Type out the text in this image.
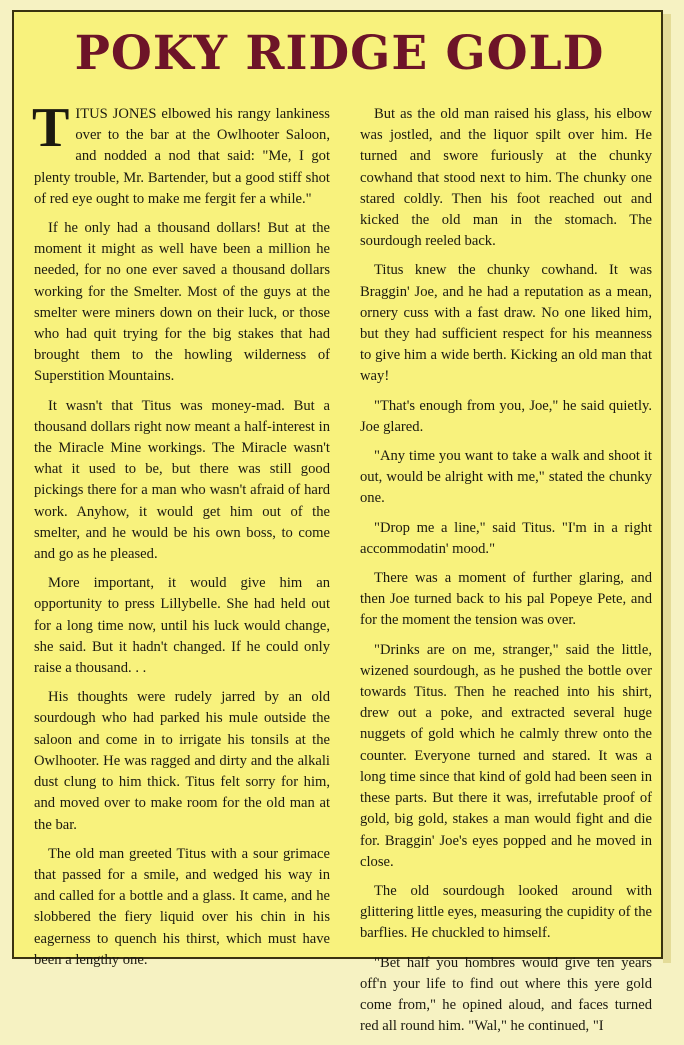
POKY RIDGE GOLD

TITUS JONES elbowed his rangy lankiness over to the bar at the Owlhooter Saloon, and nodded a nod that said: "Me, I got plenty trouble, Mr. Bartender, but a good stiff shot of red eye ought to make me fergit fer a while."

If he only had a thousand dollars! But at the moment it might as well have been a million he needed, for no one ever saved a thousand dollars working for the Smelter. Most of the guys at the smelter were miners down on their luck, or those who had quit trying for the big stakes that had brought them to the howling wilderness of Superstition Mountains.

It wasn't that Titus was money-mad. But a thousand dollars right now meant a half-interest in the Miracle Mine workings. The Miracle wasn't what it used to be, but there was still good pickings there for a man who wasn't afraid of hard work. Anyhow, it would get him out of the smelter, and he would be his own boss, to come and go as he pleased.

More important, it would give him an opportunity to press Lillybelle. She had held out for a long time now, until his luck would change, she said. But it hadn't changed. If he could only raise a thousand. . .

His thoughts were rudely jarred by an old sourdough who had parked his mule outside the saloon and come in to irrigate his tonsils at the Owlhooter. He was ragged and dirty and the alkali dust clung to him thick. Titus felt sorry for him, and moved over to make room for the old man at the bar.

The old man greeted Titus with a sour grimace that passed for a smile, and wedged his way in and called for a bottle and a glass. It came, and he slobbered the fiery liquid over his chin in his eagerness to quench his thirst, which must have been a lengthy one.

But as the old man raised his glass, his elbow was jostled, and the liquor spilt over him. He turned and swore furiously at the chunky cowhand that stood next to him. The chunky one stared coldly. Then his foot reached out and kicked the old man in the stomach. The sourdough reeled back.

Titus knew the chunky cowhand. It was Braggin' Joe, and he had a reputation as a mean, ornery cuss with a fast draw. No one liked him, but they had sufficient respect for his meanness to give him a wide berth. Kicking an old man that way!

"That's enough from you, Joe," he said quietly. Joe glared.

"Any time you want to take a walk and shoot it out, would be alright with me," stated the chunky one.

"Drop me a line," said Titus. "I'm in a right accommodatin' mood."

There was a moment of further glaring, and then Joe turned back to his pal Popeye Pete, and for the moment the tension was over.

"Drinks are on me, stranger," said the little, wizened sourdough, as he pushed the bottle over towards Titus. Then he reached into his shirt, drew out a poke, and extracted several huge nuggets of gold which he calmly threw onto the counter. Everyone turned and stared. It was a long time since that kind of gold had been seen in these parts. But there it was, irrefutable proof of gold, big gold, stakes a man would fight and die for. Braggin' Joe's eyes popped and he moved in close.

The old sourdough looked around with glittering little eyes, measuring the cupidity of the barflies. He chuckled to himself.

"Bet half you hombres would give ten years off'n your life to find out where this yere gold come from," he opined aloud, and faces turned red all round him. "Wal," he continued, "I
